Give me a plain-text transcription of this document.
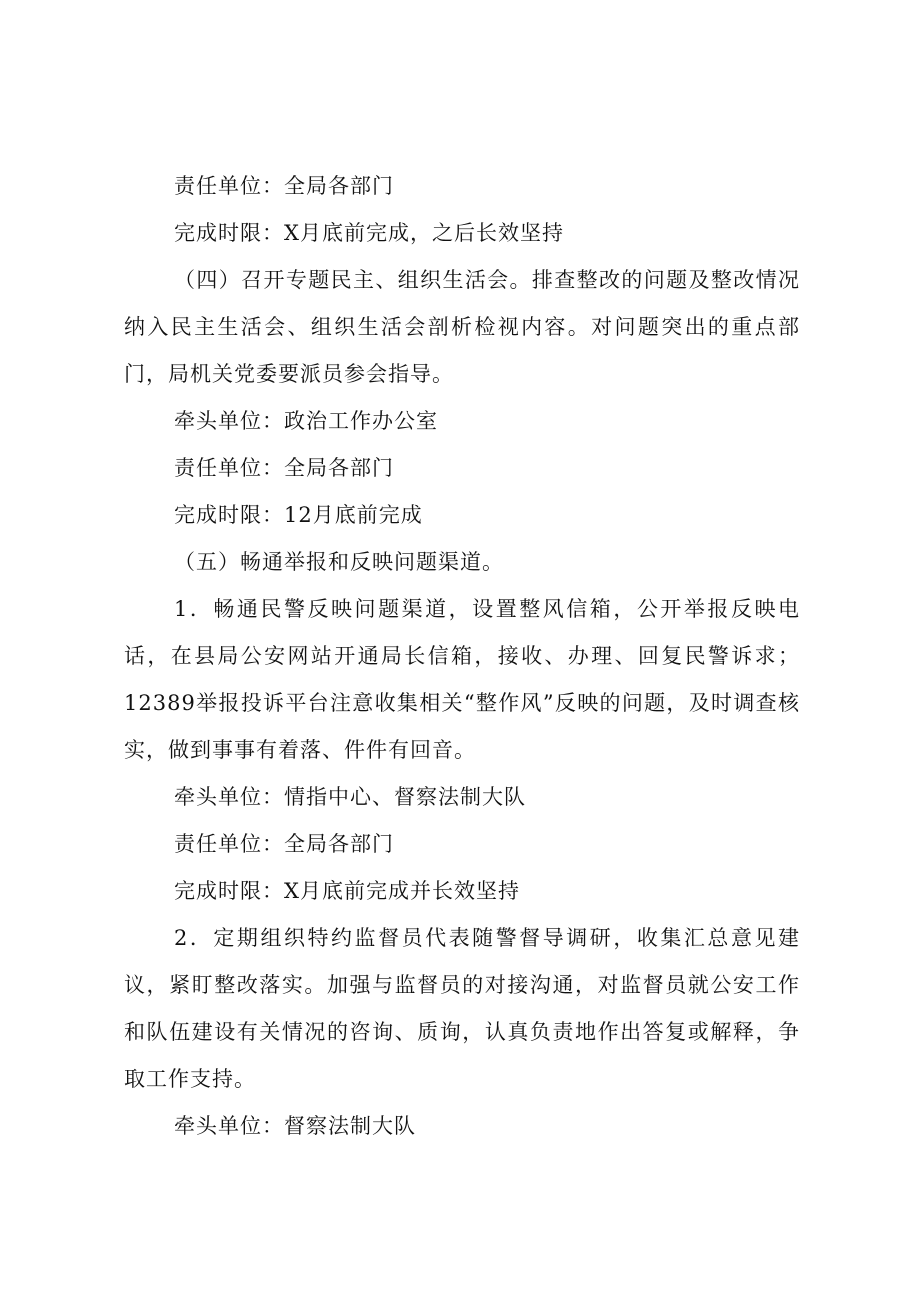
责任单位：全局各部门

完成时限：X月底前完成，之后长效坚持

（四）召开专题民主、组织生活会。排查整改的问题及整改情况纳入民主生活会、组织生活会剖析检视内容。对问题突出的重点部门，局机关党委要派员参会指导。

牵头单位：政治工作办公室

责任单位：全局各部门

完成时限：12月底前完成

（五）畅通举报和反映问题渠道。

1．畅通民警反映问题渠道，设置整风信箱，公开举报反映电话，在县局公安网站开通局长信箱，接收、办理、回复民警诉求；12389举报投诉平台注意收集相关“整作风”反映的问题，及时调查核实，做到事事有着落、件件有回音。

牵头单位：情指中心、督察法制大队

责任单位：全局各部门

完成时限：X月底前完成并长效坚持

2．定期组织特约监督员代表随警督导调研，收集汇总意见建议，紧盯整改落实。加强与监督员的对接沟通，对监督员就公安工作和队伍建设有关情况的咨询、质询，认真负责地作出答复或解释，争取工作支持。

牵头单位：督察法制大队
